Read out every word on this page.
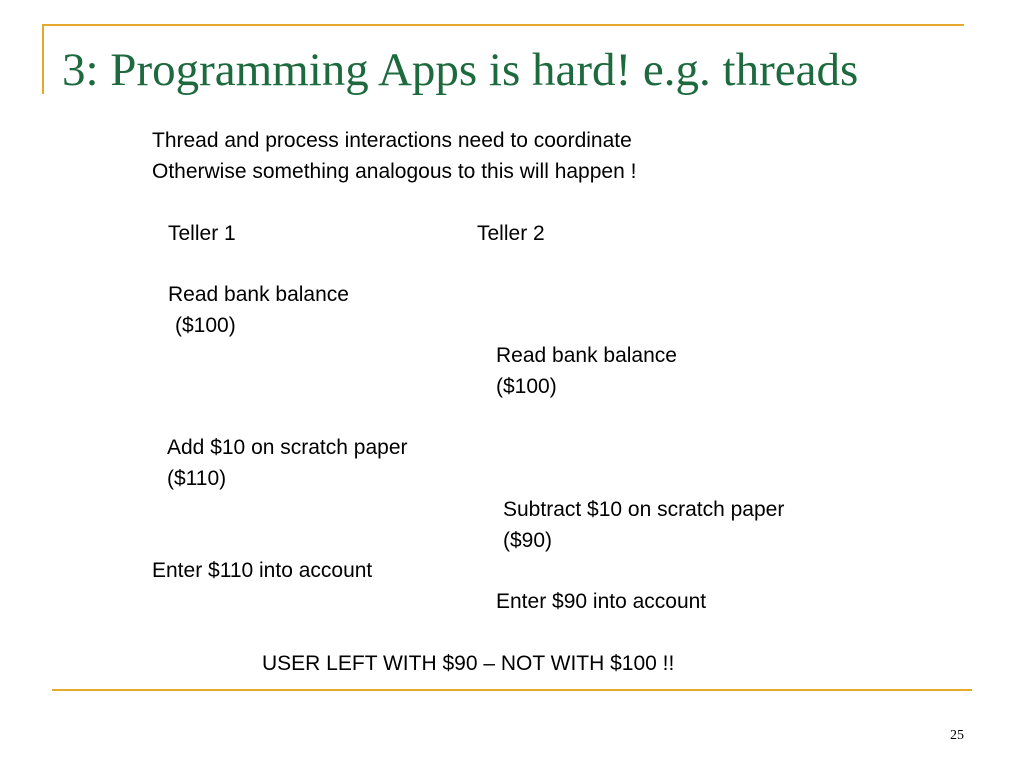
3: Programming Apps is hard! e.g. threads

Thread and process interactions need to coordinate

Otherwise something analogous to this will happen !

Teller 1	Teller 2

Read bank balance

($100)

Read bank balance

($100)

Add $10 on scratch paper

($110)

Subtract $10 on scratch paper

($90)

Enter $110 into account

Enter $90 into account

USER LEFT WITH $90 – NOT WITH $100 !!

25
